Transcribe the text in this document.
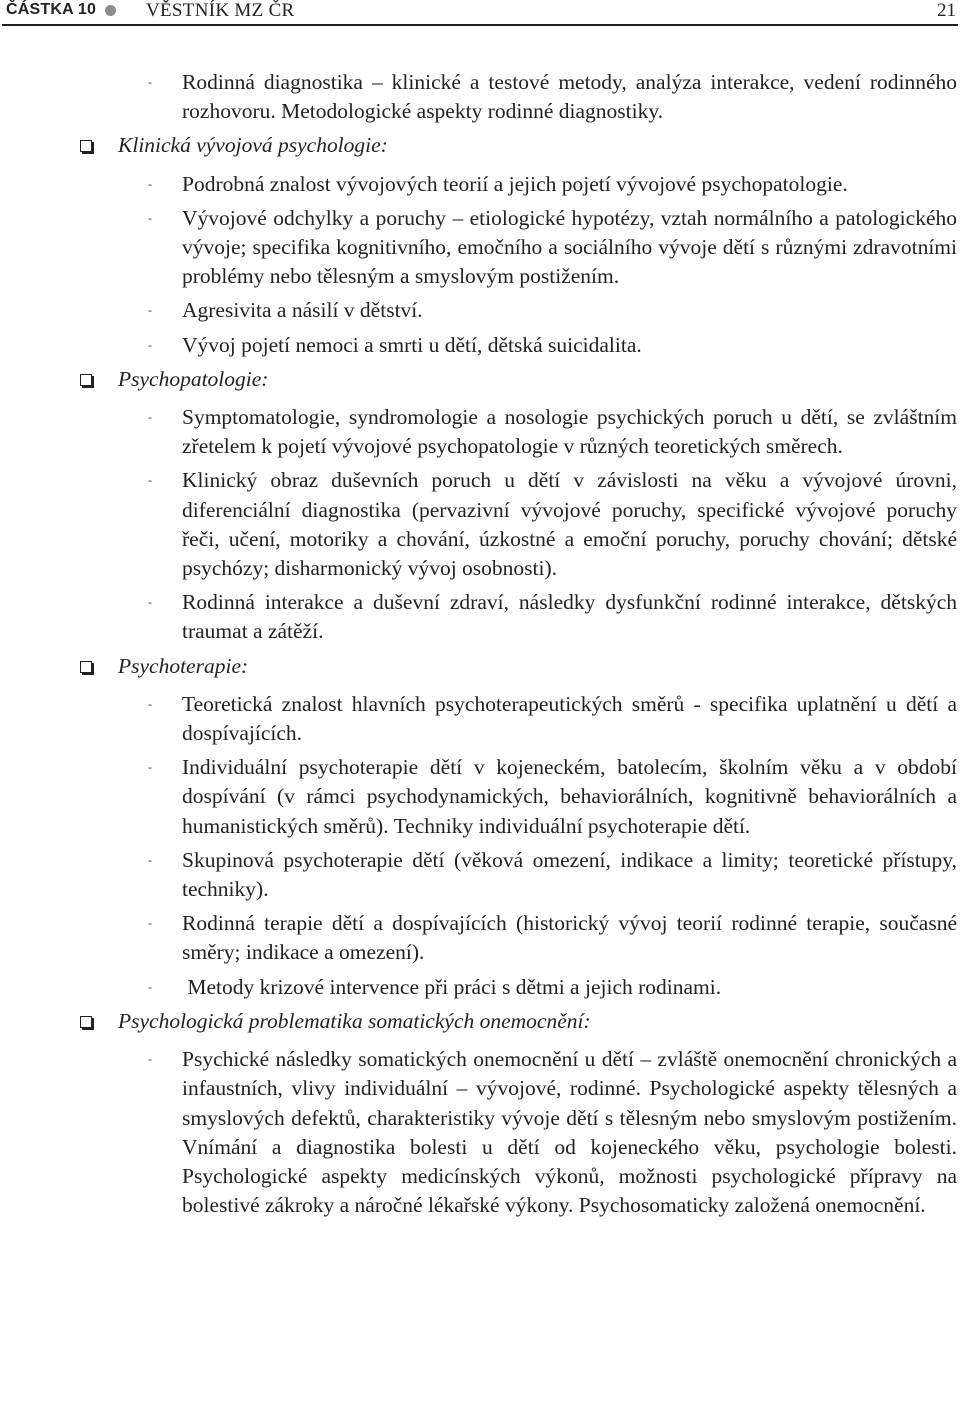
ČÁSTKA 10	VĚSTNÍK MZ ČR	21
- Rodinná diagnostika – klinické a testové metody, analýza interakce, vedení rodinného rozhovoru. Metodologické aspekty rodinné diagnostiky.
Klinická vývojová psychologie:
- Podrobná znalost vývojových teorií a jejich pojetí vývojové psychopatologie.
- Vývojové odchylky a poruchy – etiologické hypotézy, vztah normálního a patologického vývoje; specifika kognitivního, emočního a sociálního vývoje dětí s různými zdravotními problémy nebo tělesným a smyslovým postižením.
- Agresivita a násilí v dětství.
- Vývoj pojetí nemoci a smrti u dětí, dětská suicidalita.
Psychopatologie:
- Symptomatologie, syndromologie a nosologie psychických poruch u dětí, se zvláštním zřetelem k pojetí vývojové psychopatologie v různých teoretických směrech.
- Klinický obraz duševních poruch u dětí v závislosti na věku a vývojové úrovni, diferenciální diagnostika (pervazivní vývojové poruchy, specifické vývojové poruchy řeči, učení, motoriky a chování, úzkostné a emoční poruchy, poruchy chování; dětské psychózy; disharmonický vývoj osobnosti).
- Rodinná interakce a duševní zdraví, následky dysfunkční rodinné interakce, dětských traumat a zátěží.
Psychoterapie:
- Teoretická znalost hlavních psychoterapeutických směrů - specifika uplatnění u dětí a dospívajících.
- Individuální psychoterapie dětí v kojeneckém, batolecím, školním věku a v období dospívání (v rámci psychodynamických, behaviorálních, kognitivně behaviorálních a humanistických směrů). Techniky individuální psychoterapie dětí.
- Skupinová psychoterapie dětí (věková omezení, indikace a limity; teoretické přístupy, techniky).
- Rodinná terapie dětí a dospívajících (historický vývoj teorií rodinné terapie, současné směry; indikace a omezení).
- Metody krizové intervence při práci s dětmi a jejich rodinami.
Psychologická problematika somatických onemocnění:
- Psychické následky somatických onemocnění u dětí – zvláště onemocnění chronických a infaustních, vlivy individuální – vývojové, rodinné. Psychologické aspekty tělesných a smyslových defektů, charakteristiky vývoje dětí s tělesným nebo smyslovým postižením. Vnímání a diagnostika bolesti u dětí od kojeneckého věku, psychologie bolesti. Psychologické aspekty medicínských výkonů, možnosti psychologické přípravy na bolestivé zákroky a náročné lékařské výkony. Psychosomaticky založená onemocnění.
